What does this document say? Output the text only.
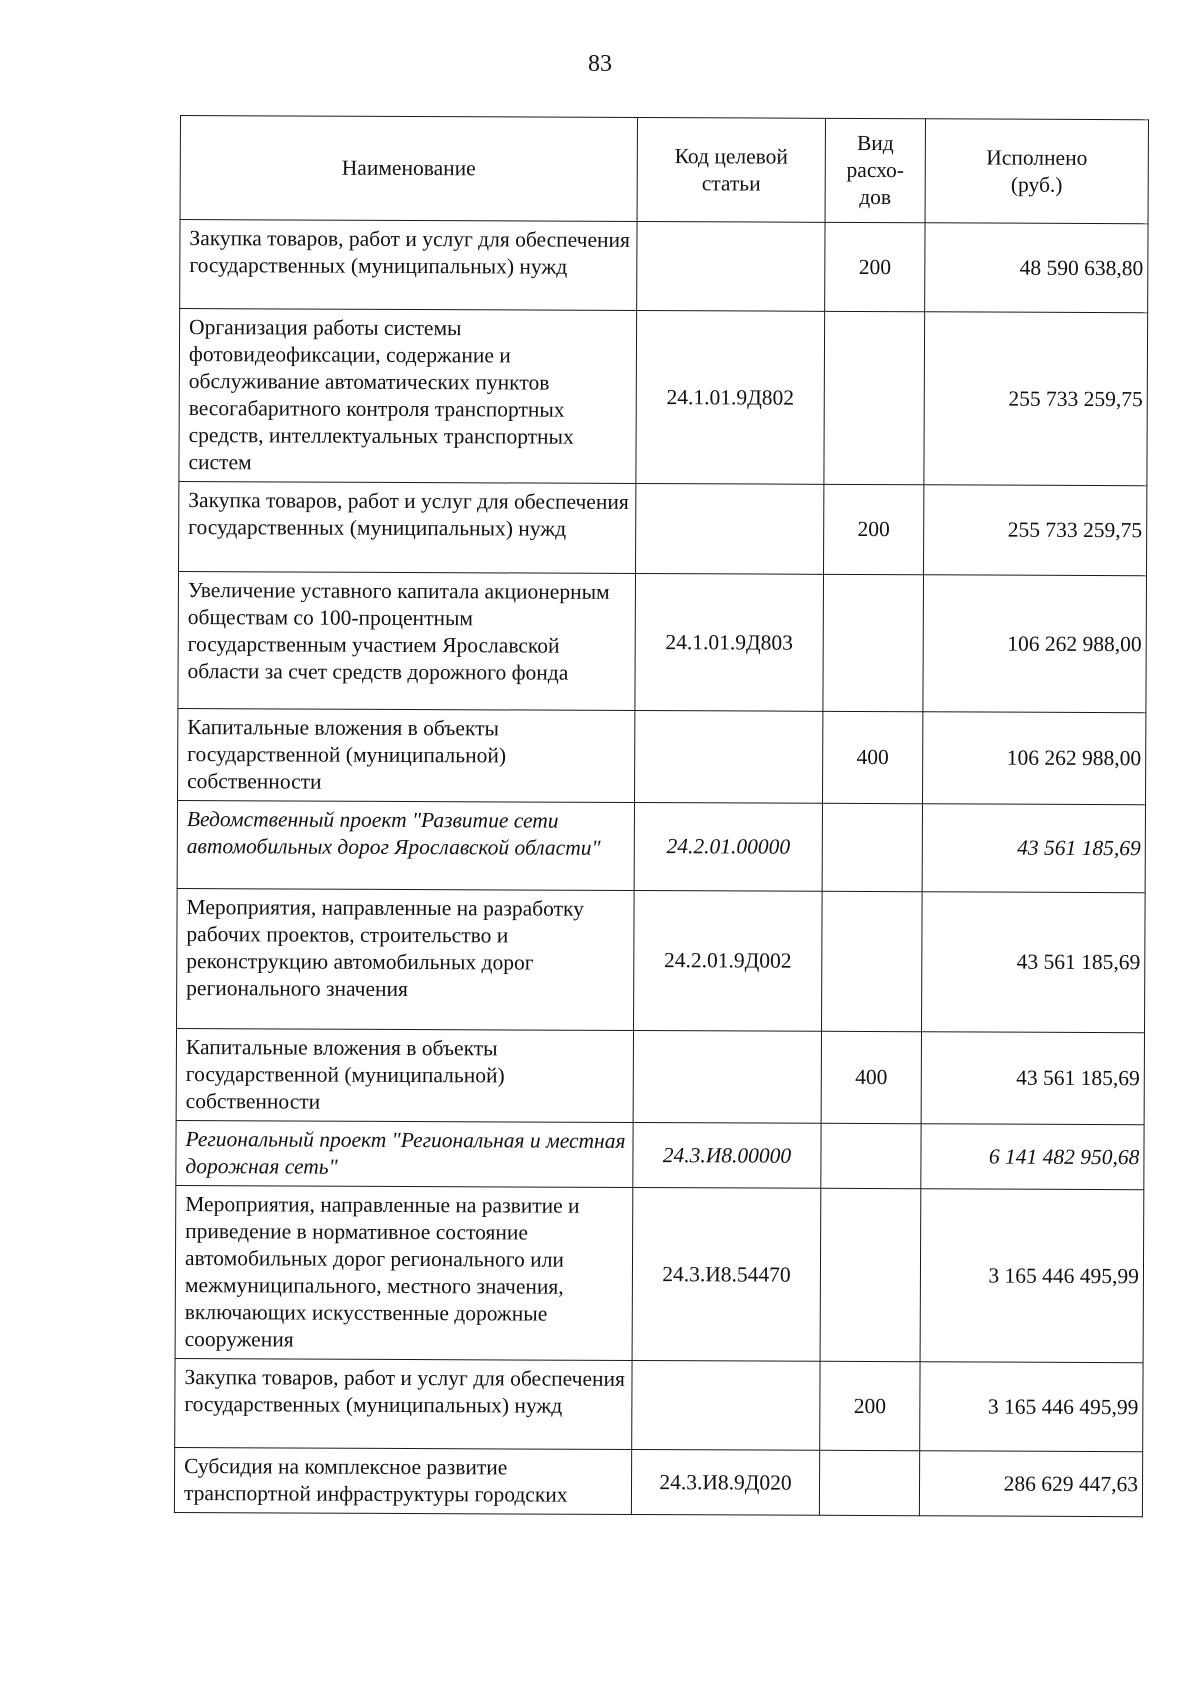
83
Наименование	Код целевой статьи	Вид расхо-дов	Исполнено (руб.)
Закупка товаров, работ и услуг для обеспечения государственных (муниципальных) нужд		200	48 590 638,80
Организация работы системы фотовидеофиксации, содержание и обслуживание автоматических пунктов весогабаритного контроля транспортных средств, интеллектуальных транспортных систем	24.1.01.9Д802		255 733 259,75
Закупка товаров, работ и услуг для обеспечения государственных (муниципальных) нужд		200	255 733 259,75
Увеличение уставного капитала акционерным обществам со 100-процентным государственным участием Ярославской области за счет средств дорожного фонда	24.1.01.9Д803		106 262 988,00
Капитальные вложения в объекты государственной (муниципальной) собственности		400	106 262 988,00
Ведомственный проект "Развитие сети автомобильных дорог Ярославской области"	24.2.01.00000		43 561 185,69
Мероприятия, направленные на разработку рабочих проектов, строительство и реконструкцию автомобильных дорог регионального значения	24.2.01.9Д002		43 561 185,69
Капитальные вложения в объекты государственной (муниципальной) собственности		400	43 561 185,69
Региональный проект "Региональная и местная дорожная сеть"	24.3.И8.00000		6 141 482 950,68
Мероприятия, направленные на развитие и приведение в нормативное состояние автомобильных дорог регионального или межмуниципального, местного значения, включающих искусственные дорожные сооружения	24.3.И8.54470		3 165 446 495,99
Закупка товаров, работ и услуг для обеспечения государственных (муниципальных) нужд		200	3 165 446 495,99
Субсидия на комплексное развитие транспортной инфраструктуры городских	24.3.И8.9Д020		286 629 447,63
